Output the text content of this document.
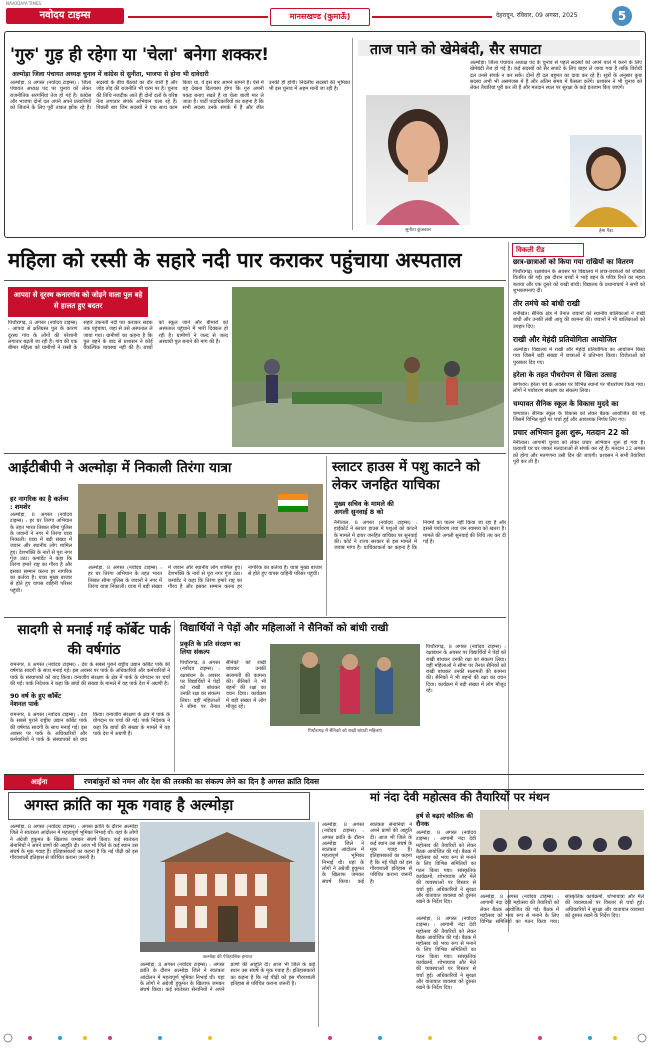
NAVODAYA TIMES
नवोदय टाइम्स	मानसखण्ड (कुमाऊँ)	देहरादून, रविवार, 09 अगस्त, 2025	5
'गुरु' गुड़ ही रहेगा या 'चेला' बनेगा शक्कर!
अल्मोड़ा जिला पंचायत अध्यक्ष चुनाव में कांग्रेस से सुनीता, भाजपा से होना भी दावेदारी
अल्मोड़ा, 8 अगस्त (नवोदय टाइम्स) : जिला पंचायत अध्यक्ष पद पर चुनाव को लेकर राजनीतिक सरगर्मियां तेज हो गई हैं। कांग्रेस और भाजपा दोनों दल अपने अपने प्रत्याशियों को जिताने के लिए पूरी ताकत झोंक रहे हैं। सदस्यों के बीच बैठकों का दौर जारी है और जोड़ तोड़ की राजनीति भी चरम पर है। चुनाव की तिथि नजदीक आते ही दोनों दलों के वरिष्ठ नेता लगातार संपर्क अभियान चला रहे हैं। पिछली बार जिन सदस्यों ने एक साथ काम किया था, वे इस बार आमने सामने हैं। ऐसे में यह देखना दिलचस्प होगा कि गुरु अपनी पकड़ बनाए रखते हैं या चेला बाजी मार ले जाता है। पार्टी पदाधिकारियों का कहना है कि सभी सदस्य उनके संपर्क में हैं और जीत उनकी ही होगी। निर्दलीय सदस्यों की भूमिका भी इस चुनाव में अहम मानी जा रही है।
ताज पाने को खेमेबंदी, सैर सपाटा
अल्मोड़ा। जिला पंचायत अध्यक्ष पद के चुनाव से पहले सदस्यों को अपने पाले में करने के लिए खेमेबंदी तेज हो गई है। कई सदस्यों को सैर सपाटे के लिए बाहर ले जाया गया है ताकि विरोधी दल उनसे संपर्क न कर सकें। दोनों ही दल बहुमत का दावा कर रहे हैं। सूत्रों के अनुसार कुछ सदस्य अभी भी असमंजस में हैं और अंतिम समय में फैसला करेंगे। प्रशासन ने भी चुनाव को लेकर तैयारियां पूरी कर ली हैं और मतदान स्थल पर सुरक्षा के कड़े इंतजाम किए जाएंगे।
सुनीता कुंजवाल	हेमा गैड़ा
महिला को रस्सी के सहारे नदी पार कराकर पहुंचाया अस्पताल
आपदा से दूरस्थ कनारगांव को जोड़ने वाला पुल बहे से हालत हुए बदतर
पिथौरागढ़, 8 अगस्त (नवोदय टाइम्स) : आपदा से क्षतिग्रस्त पुल के कारण दूरस्थ गांव के लोगों की परेशानी लगातार बढ़ती जा रही है। गांव की एक बीमार महिला को ग्रामीणों ने रस्सी के सहारे उफनती नदी पार कराकर सड़क तक पहुंचाया, जहां से उसे अस्पताल ले जाया गया। ग्रामीणों का कहना है कि पुल बहने के बाद से प्रशासन ने कोई वैकल्पिक व्यवस्था नहीं की है। बच्चों को स्कूल जाने और बीमारों को अस्पताल पहुंचाने में भारी दिक्कत हो रही है। ग्रामीणों ने जल्द से जल्द अस्थायी पुल बनाने की मांग की है।
विकली रीड
छात्र-छात्राओं को किया गया राखियों का वितरण
पिथौरागढ़। रक्षाबंधन के अवसर पर विद्यालय में छात्र-छात्राओं को राखियां वितरित की गईं। इस दौरान बच्चों ने भाई बहन के पवित्र रिश्ते का महत्व बताया और एक दूसरे को राखी बांधी। विद्यालय के प्रधानाचार्य ने सभी को शुभकामनाएं दीं।
तीर तमंचे को बांधी राखी
रानीखेत। सैनिक क्षेत्र में तैनात जवानों को स्थानीय बालिकाओं ने राखी बांधी और उनकी लंबी आयु की कामना की। जवानों ने भी बालिकाओं को उपहार दिए।
राखी और मेहंदी प्रतियोगिता आयोजित
अल्मोड़ा। विद्यालय में राखी और मेहंदी प्रतियोगिता का आयोजन किया गया जिसमें बड़ी संख्या में छात्राओं ने प्रतिभाग किया। विजेताओं को पुरस्कार दिए गए।
हरेला के तहत पौधरोपण से खिला उत्साह
बागेश्वर। हरेला पर्व के अवसर पर विभिन्न स्थानों पर पौधरोपण किया गया। लोगों ने पर्यावरण संरक्षण का संकल्प लिया।
चम्पावत सैनिक स्कूल के विकास मुददे का
चम्पावत। सैनिक स्कूल के विकास को लेकर बैठक आयोजित की गई जिसमें विभिन्न मुद्दों पर चर्चा हुई और आवश्यक निर्णय लिए गए।
प्रचार अभियान हुआ शुरू, मतदान 22 को
नैनीताल। आगामी चुनाव को लेकर प्रचार अभियान शुरू हो गया है। प्रत्याशी घर घर जाकर मतदाताओं से संपर्क कर रहे हैं। मतदान 22 अगस्त को होगा और मतगणना उसी दिन की जाएगी। प्रशासन ने सभी तैयारियां पूरी कर ली हैं।
आईटीबीपी ने अल्मोड़ा में निकाली तिरंगा यात्रा
हर नागरिक का है कर्तव्य : शमशेर
अल्मोड़ा, 8 अगस्त (नवोदय टाइम्स) : हर घर तिरंगा अभियान के तहत भारत तिब्बत सीमा पुलिस के जवानों ने नगर में तिरंगा यात्रा निकाली। यात्रा में बड़ी संख्या में जवान और स्थानीय लोग शामिल हुए। देशभक्ति के नारों से पूरा नगर गूंज उठा। कमांडेंट ने कहा कि तिरंगा हमारे राष्ट्र का गौरव है और इसका सम्मान करना हर नागरिक का कर्तव्य है। यात्रा मुख्य बाजार से होते हुए वापस वाहिनी परिसर पहुंची।
अल्मोड़ा, 8 अगस्त (नवोदय टाइम्स) : हर घर तिरंगा अभियान के तहत भारत तिब्बत सीमा पुलिस के जवानों ने नगर में तिरंगा यात्रा निकाली। यात्रा में बड़ी संख्या में जवान और स्थानीय लोग शामिल हुए। देशभक्ति के नारों से पूरा नगर गूंज उठा। कमांडेंट ने कहा कि तिरंगा हमारे राष्ट्र का गौरव है और इसका सम्मान करना हर नागरिक का कर्तव्य है। यात्रा मुख्य बाजार से होते हुए वापस वाहिनी परिसर पहुंची।
स्लाटर हाउस में पशु काटने को लेकर जनहित याचिका
मुख्य सचिव के मामले की अगली सुनवाई 8 को
नैनीताल, 8 अगस्त (नवोदय टाइम्स) : हाईकोर्ट ने स्लाटर हाउस में पशुओं को काटने के मामले में दायर जनहित याचिका पर सुनवाई की। कोर्ट ने राज्य सरकार से इस मामले में जवाब मांगा है। याचिकाकर्ता का कहना है कि नियमों का पालन नहीं किया जा रहा है और इससे पर्यावरण तथा जन स्वास्थ्य को खतरा है। मामले की अगली सुनवाई की तिथि तय कर दी गई है।
सादगी से मनाई गई कॉर्बेट पार्क की वर्षगांठ
रामनगर, 8 अगस्त (नवोदय टाइम्स) : देश के सबसे पुराने राष्ट्रीय उद्यान कॉर्बेट पार्क की वर्षगांठ सादगी के साथ मनाई गई। इस अवसर पर पार्क के अधिकारियों और कर्मचारियों ने पार्क के संस्थापकों को याद किया। वन्यजीव संरक्षण के क्षेत्र में पार्क के योगदान पर चर्चा की गई। पार्क निदेशक ने कहा कि बाघों की संख्या के मामले में यह पार्क देश में अग्रणी है।
90 वर्ष के हुए कॉर्बेट नेशनल पार्क
रामनगर, 8 अगस्त (नवोदय टाइम्स) : देश के सबसे पुराने राष्ट्रीय उद्यान कॉर्बेट पार्क की वर्षगांठ सादगी के साथ मनाई गई। इस अवसर पर पार्क के अधिकारियों और कर्मचारियों ने पार्क के संस्थापकों को याद किया। वन्यजीव संरक्षण के क्षेत्र में पार्क के योगदान पर चर्चा की गई। पार्क निदेशक ने कहा कि बाघों की संख्या के मामले में यह पार्क देश में अग्रणी है।
विद्यार्थियों ने पेड़ों और महिलाओं ने सैनिकों को बांधी राखी
प्रकृति के प्रति संरक्षण का लिया संकल्प
पिथौरागढ़, 8 अगस्त (नवोदय टाइम्स) : रक्षाबंधन के अवसर पर विद्यार्थियों ने पेड़ों को राखी बांधकर उनकी रक्षा का संकल्प लिया। वहीं महिलाओं ने सीमा पर तैनात सैनिकों को राखी बांधकर उनकी सलामती की कामना की। सैनिकों ने भी बहनों की रक्षा का वचन दिया। कार्यक्रम में बड़ी संख्या में लोग मौजूद रहे।
पिथौरागढ़ में सैनिकों को राखी बांधती महिलाएं
पिथौरागढ़, 8 अगस्त (नवोदय टाइम्स) : रक्षाबंधन के अवसर पर विद्यार्थियों ने पेड़ों को राखी बांधकर उनकी रक्षा का संकल्प लिया। वहीं महिलाओं ने सीमा पर तैनात सैनिकों को राखी बांधकर उनकी सलामती की कामना की। सैनिकों ने भी बहनों की रक्षा का वचन दिया। कार्यक्रम में बड़ी संख्या में लोग मौजूद रहे।
आईना	रणबांकुरों को नमन और देश की तरक्की का संकल्प लेने का दिन है अगस्त क्रांति दिवस
मां नंदा देवी महोत्सव की तैयारियों पर मंथन
हर्ष से बढ़ाएं कौतिक की रौनक
अल्मोड़ा, 8 अगस्त (नवोदय टाइम्स) : आगामी नंदा देवी महोत्सव की तैयारियों को लेकर बैठक आयोजित की गई। बैठक में महोत्सव को भव्य रूप से मनाने के लिए विभिन्न समितियों का गठन किया गया। सांस्कृतिक कार्यक्रमों, शोभायात्रा और मेले की व्यवस्थाओं पर विस्तार से चर्चा हुई। अधिकारियों ने सुरक्षा और यातायात व्यवस्था को दुरुस्त रखने के निर्देश दिए।
अल्मोड़ा, 8 अगस्त (नवोदय टाइम्स) : आगामी नंदा देवी महोत्सव की तैयारियों को लेकर बैठक आयोजित की गई। बैठक में महोत्सव को भव्य रूप से मनाने के लिए विभिन्न समितियों का गठन किया गया। सांस्कृतिक कार्यक्रमों, शोभायात्रा और मेले की व्यवस्थाओं पर विस्तार से चर्चा हुई। अधिकारियों ने सुरक्षा और यातायात व्यवस्था को दुरुस्त रखने के निर्देश दिए।
अल्मोड़ा, 8 अगस्त (नवोदय टाइम्स) : आगामी नंदा देवी महोत्सव की तैयारियों को लेकर बैठक आयोजित की गई। बैठक में महोत्सव को भव्य रूप से मनाने के लिए विभिन्न समितियों का गठन किया गया। सांस्कृतिक कार्यक्रमों, शोभायात्रा और मेले की व्यवस्थाओं पर विस्तार से चर्चा हुई। अधिकारियों ने सुरक्षा और यातायात व्यवस्था को दुरुस्त रखने के निर्देश दिए।
अगस्त क्रांति का मूक गवाह है अल्मोड़ा
अल्मोड़ा, 8 अगस्त (नवोदय टाइम्स) : अगस्त क्रांति के दौरान अल्मोड़ा जिले ने स्वतंत्रता आंदोलन में महत्वपूर्ण भूमिका निभाई थी। यहां के लोगों ने अंग्रेजी हुकूमत के खिलाफ जमकर संघर्ष किया। कई स्वतंत्रता सेनानियों ने अपने प्राणों की आहुति दी। आज भी जिले के कई स्थान उस संघर्ष के मूक गवाह हैं। इतिहासकारों का कहना है कि नई पीढ़ी को इस गौरवशाली इतिहास से परिचित कराना जरूरी है।
अल्मोड़ा की ऐतिहासिक इमारत
अल्मोड़ा, 8 अगस्त (नवोदय टाइम्स) : अगस्त क्रांति के दौरान अल्मोड़ा जिले ने स्वतंत्रता आंदोलन में महत्वपूर्ण भूमिका निभाई थी। यहां के लोगों ने अंग्रेजी हुकूमत के खिलाफ जमकर संघर्ष किया। कई स्वतंत्रता सेनानियों ने अपने प्राणों की आहुति दी। आज भी जिले के कई स्थान उस संघर्ष के मूक गवाह हैं। इतिहासकारों का कहना है कि नई पीढ़ी को इस गौरवशाली इतिहास से परिचित कराना जरूरी है।
अल्मोड़ा, 8 अगस्त (नवोदय टाइम्स) : अगस्त क्रांति के दौरान अल्मोड़ा जिले ने स्वतंत्रता आंदोलन में महत्वपूर्ण भूमिका निभाई थी। यहां के लोगों ने अंग्रेजी हुकूमत के खिलाफ जमकर संघर्ष किया। कई स्वतंत्रता सेनानियों ने अपने प्राणों की आहुति दी। आज भी जिले के कई स्थान उस संघर्ष के मूक गवाह हैं। इतिहासकारों का कहना है कि नई पीढ़ी को इस गौरवशाली इतिहास से परिचित कराना जरूरी है।
